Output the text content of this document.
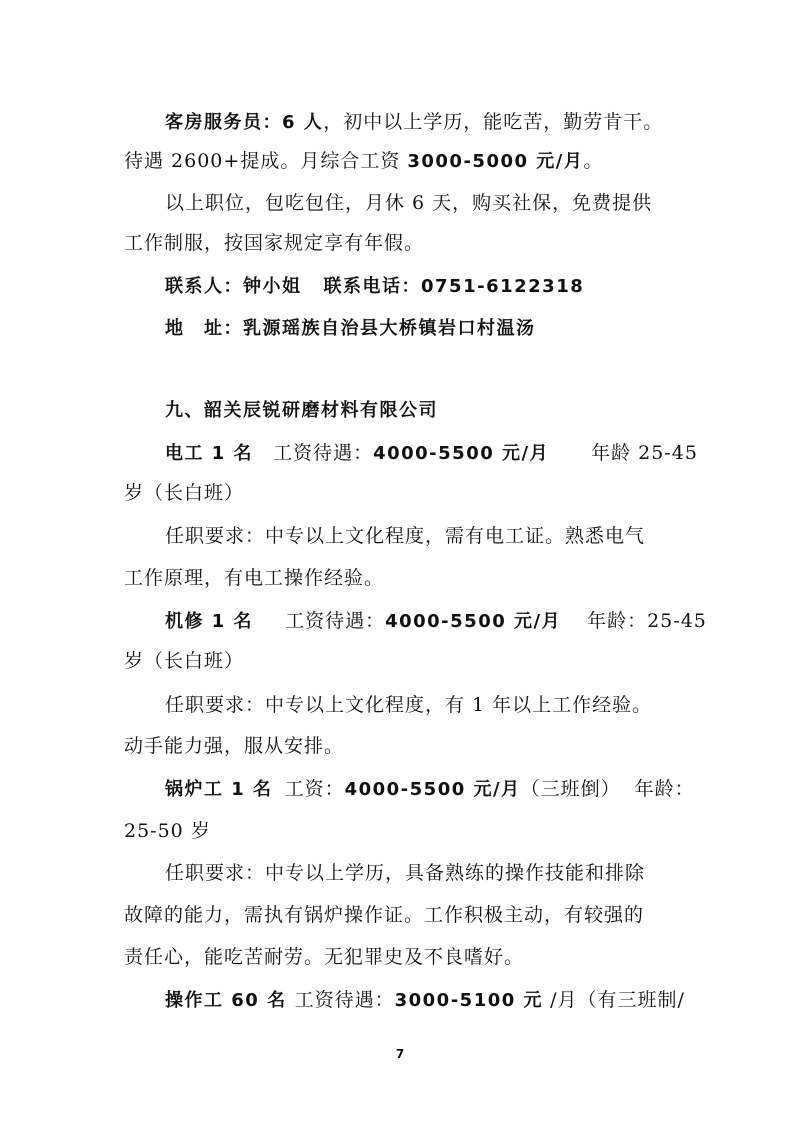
客房服务员：6 人，初中以上学历，能吃苦，勤劳肯干。
待遇 2600+提成。月综合工资 3000-5000 元/月。
以上职位，包吃包住，月休 6 天，购买社保，免费提供
工作制服，按国家规定享有年假。
联系人：钟小姐 联系电话：0751-6122318
地　址：乳源瑶族自治县大桥镇岩口村温汤
九、韶关辰锐研磨材料有限公司
电工 1 名 工资待遇：4000-5500 元/月 年龄 25-45
岁（长白班）
任职要求：中专以上文化程度，需有电工证。熟悉电气
工作原理，有电工操作经验。
机修 1 名 工资待遇：4000-5500 元/月 年龄：25-45
岁（长白班）
任职要求：中专以上文化程度，有 1 年以上工作经验。
动手能力强，服从安排。
锅炉工 1 名 工资：4000-5500 元/月（三班倒） 年龄：
25-50 岁
任职要求：中专以上学历，具备熟练的操作技能和排除
故障的能力，需执有锅炉操作证。工作积极主动，有较强的
责任心，能吃苦耐劳。无犯罪史及不良嗜好。
操作工 60 名 工资待遇：3000-5100 元 /月（有三班制/
7
